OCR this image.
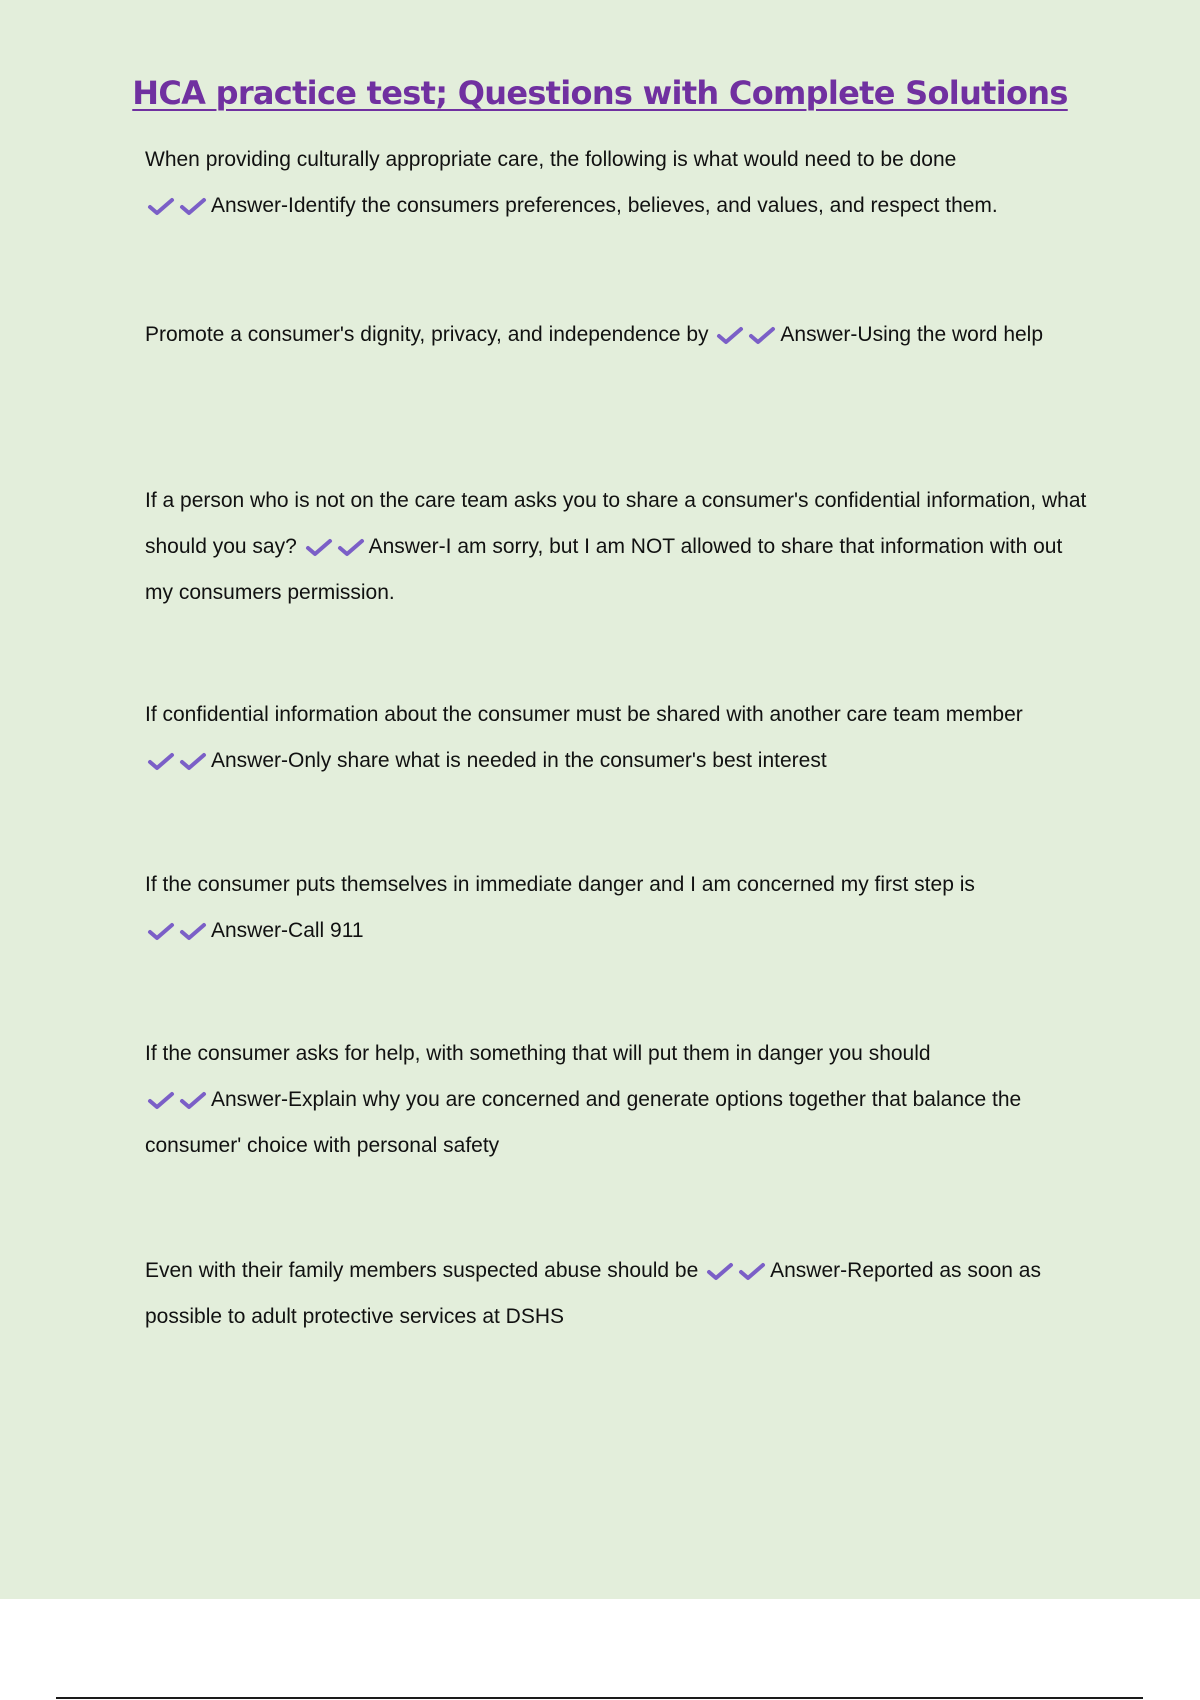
HCA practice test; Questions with Complete Solutions

When providing culturally appropriate care, the following is what would need to be done

Answer-Identify the consumers preferences, believes, and values, and respect them.

Promote a consumer's dignity, privacy, and independence by	Answer-Using the word help

If a person who is not on the care team asks you to share a consumer's confidential information, what should you say?	Answer-I am sorry, but I am NOT allowed to share that information with out my consumers permission.

If confidential information about the consumer must be shared with another care team member
Answer-Only share what is needed in the consumer's best interest

If the consumer puts themselves in immediate danger and I am concerned my first step is

Answer-Call 911

If the consumer asks for help, with something that will put them in danger you should

Answer-Explain why you are concerned and generate options together that balance the consumer' choice with personal safety

Even with their family members suspected abuse should be	Answer-Reported as soon as possible to adult protective services at DSHS
